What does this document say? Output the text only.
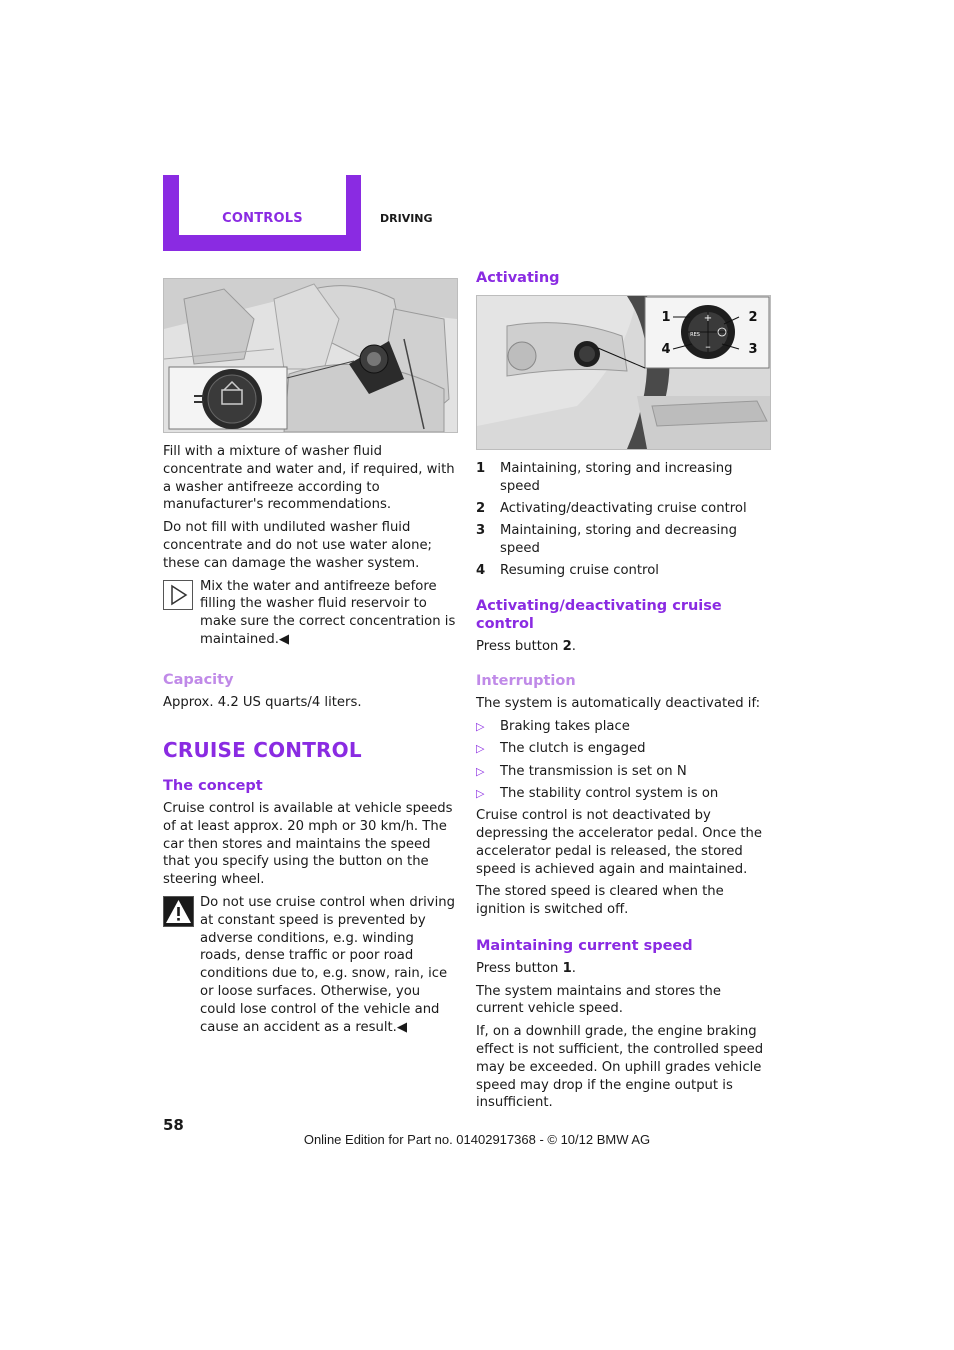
CONTROLS	DRIVING

Fill with a mixture of washer fluid concentrate and water and, if required, with a washer antifreeze according to manufacturer's recommendations.

Do not fill with undiluted washer fluid concentrate and do not use water alone; these can damage the washer system.

Mix the water and antifreeze before filling the washer fluid reservoir to make sure the correct concentration is maintained.◀

Capacity

Approx. 4.2 US quarts/4 liters.

CRUISE CONTROL
The concept

Cruise control is available at vehicle speeds of at least approx. 20 mph or 30 km/h. The car then stores and maintains the speed that you specify using the button on the steering wheel.

Do not use cruise control when driving at constant speed is prevented by adverse conditions, e.g. winding roads, dense traffic or poor road conditions due to, e.g. snow, rain, ice or loose surfaces. Otherwise, you could lose control of the vehicle and cause an accident as a result.◀

Activating
+
–
RES
1	2
3
4
1 Maintaining, storing and increasing speed
2 Activating/deactivating cruise control
3 Maintaining, storing and decreasing speed
4 Resuming cruise control
Activating/deactivating cruise control

Press button 2.

Interruption

The system is automatically deactivated if:

▷ Braking takes place
▷ The clutch is engaged
▷ The transmission is set on N
▷ The stability control system is on

Cruise control is not deactivated by depressing the accelerator pedal. Once the accelerator pedal is released, the stored speed is achieved again and maintained.

The stored speed is cleared when the ignition is switched off.

Maintaining current speed

Press button 1.

The system maintains and stores the current vehicle speed.

If, on a downhill grade, the engine braking effect is not sufficient, the controlled speed may be exceeded. On uphill grades vehicle speed may drop if the engine output is insufficient.

58
Online Edition for Part no. 01402917368 - © 10/12 BMW AG
